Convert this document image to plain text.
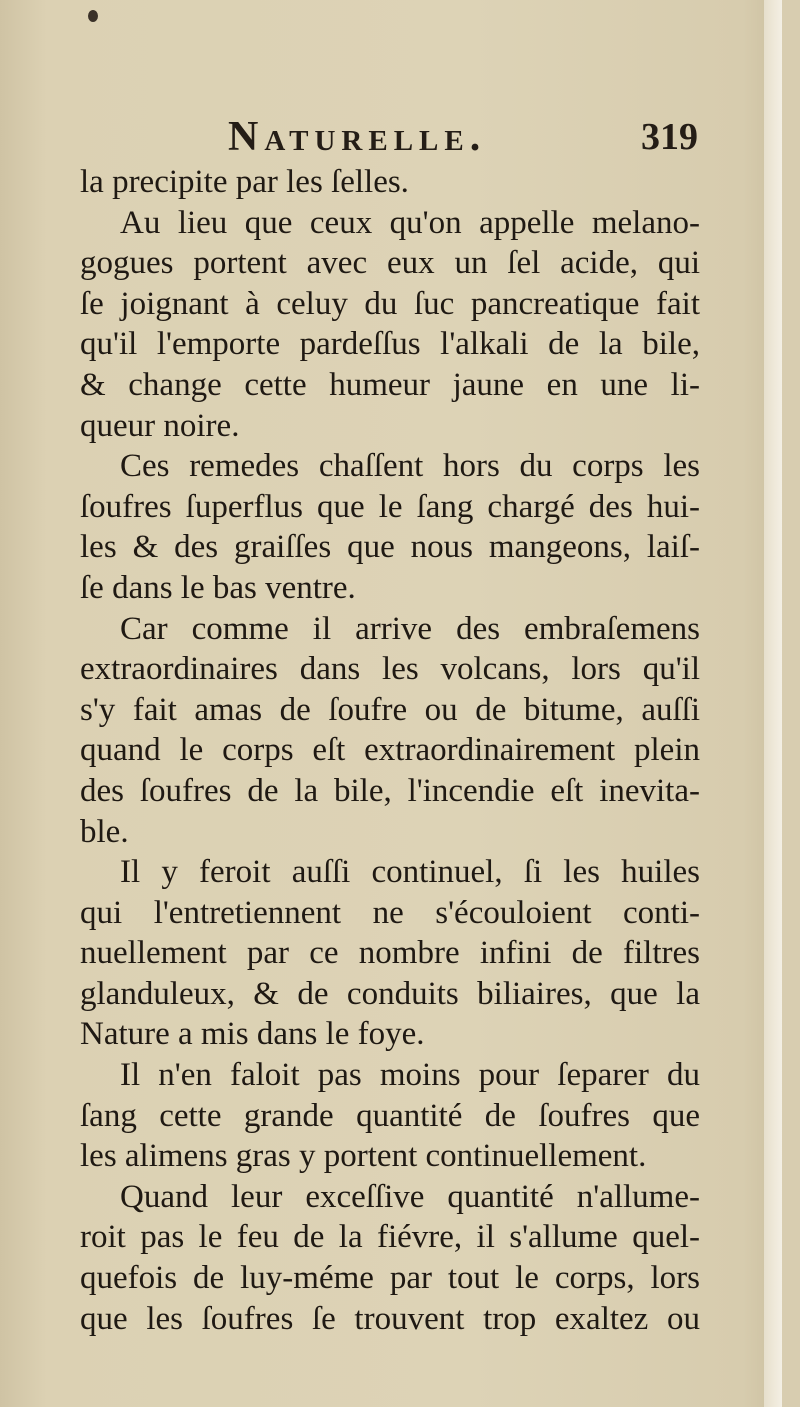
Naturelle.	319
la precipite par les ſelles.
Au lieu que ceux qu'on appelle melano-
gogues portent avec eux un ſel acide, qui
ſe joignant à celuy du ſuc pancreatique fait
qu'il l'emporte pardeſſus l'alkali de la bile,
& change cette humeur jaune en une li-
queur noire.
Ces remedes chaſſent hors du corps les
ſoufres ſuperflus que le ſang chargé des hui-
les & des graiſſes que nous mangeons, laiſ-
ſe dans le bas ventre.
Car comme il arrive des embraſemens
extraordinaires dans les volcans, lors qu'il
s'y fait amas de ſoufre ou de bitume, auſſi
quand le corps eſt extraordinairement plein
des ſoufres de la bile, l'incendie eſt inevita-
ble.
Il y feroit auſſi continuel, ſi les huiles
qui l'entretiennent ne s'écouloient conti-
nuellement par ce nombre infini de filtres
glanduleux, & de conduits biliaires, que la
Nature a mis dans le foye.
Il n'en faloit pas moins pour ſeparer du
ſang cette grande quantité de ſoufres que
les alimens gras y portent continuellement.
Quand leur exceſſive quantité n'allume-
roit pas le feu de la fiévre, il s'allume quel-
quefois de luy-méme par tout le corps, lors
que les ſoufres ſe trouvent trop exaltez ou
